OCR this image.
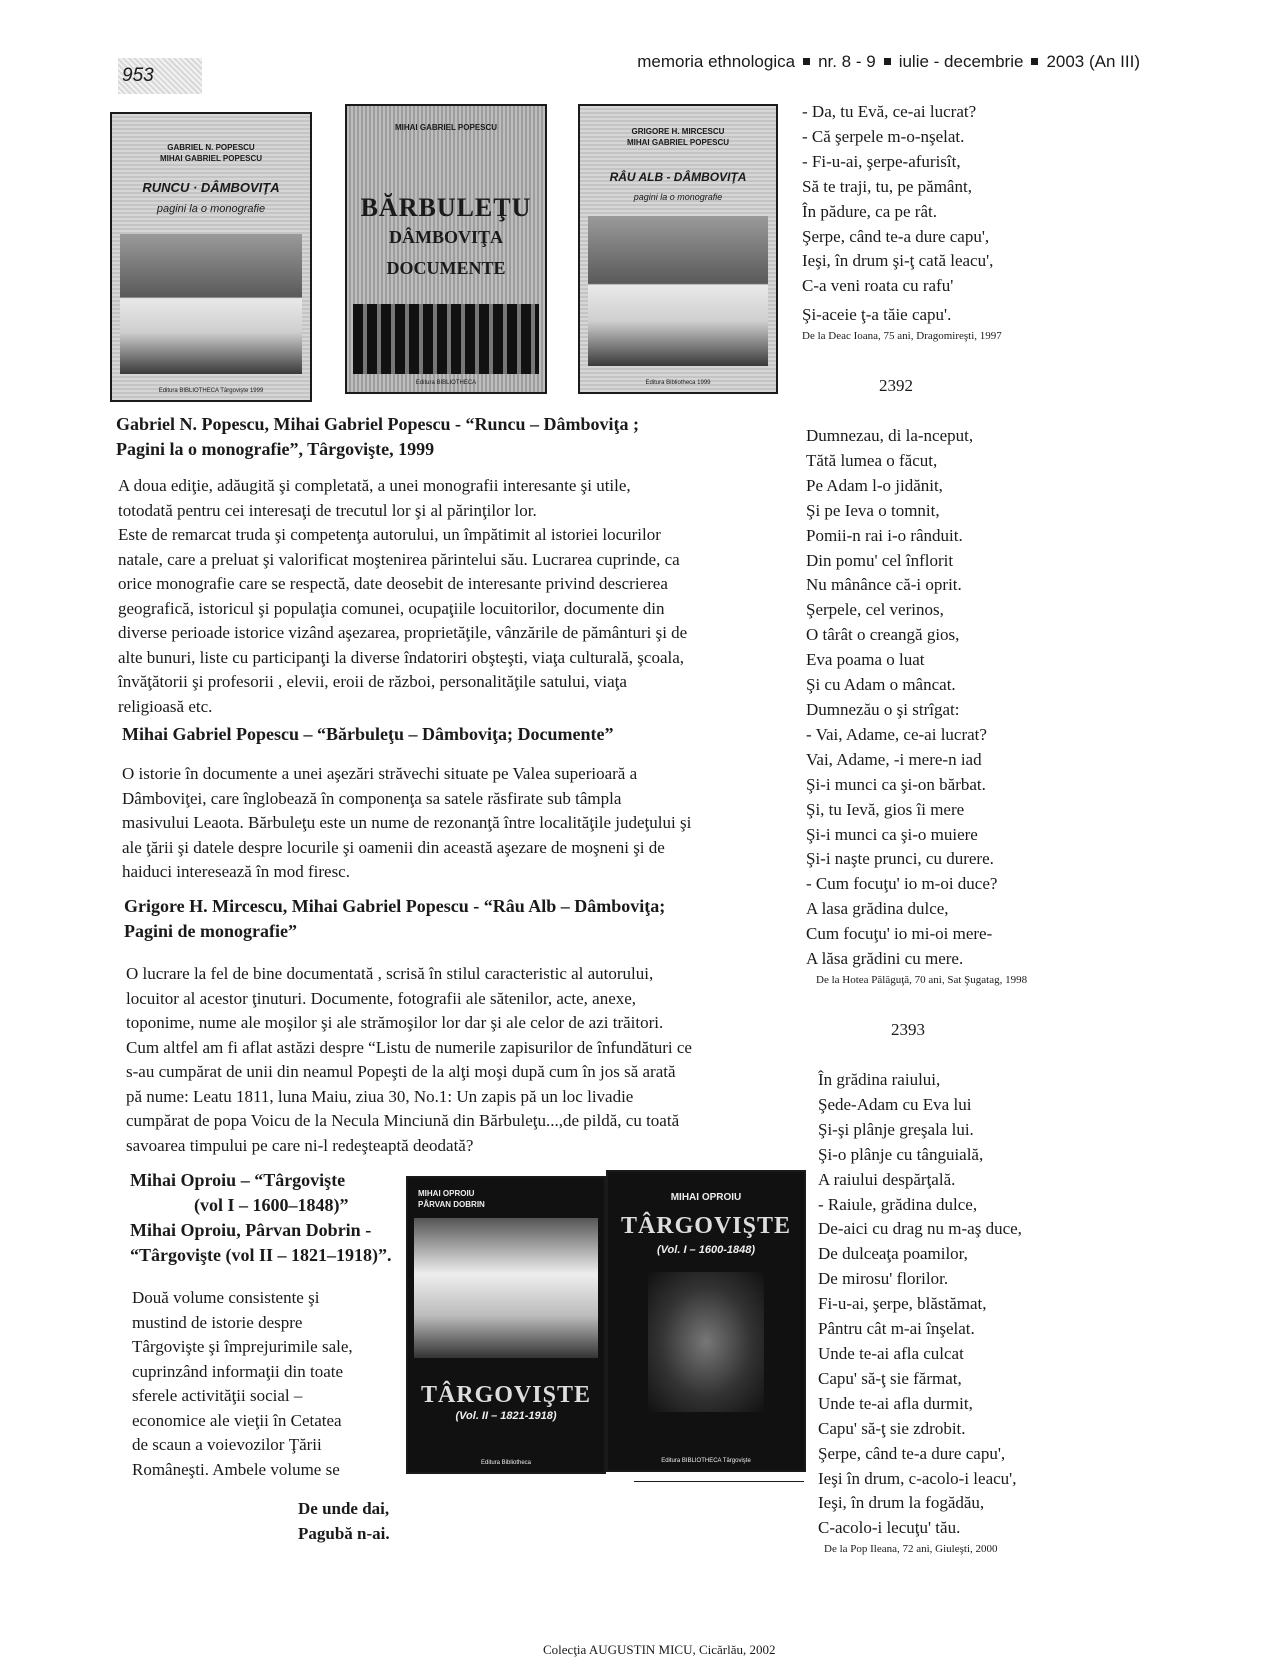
953
memoria ethnologica nr. 8 - 9 iulie - decembrie 2003 (An III)
GABRIEL N. POPESCU
MIHAI GABRIEL POPESCU
RUNCU · DÂMBOVIŢA
pagini la o monografie
Editura BIBLIOTHECA Târgovişte 1999
MIHAI GABRIEL POPESCU
BĂRBULEŢU
DÂMBOVIŢA
DOCUMENTE
Editura BIBLIOTHECA
GRIGORE H. MIRCESCU
MIHAI GABRIEL POPESCU
RÂU ALB - DÂMBOVIŢA
pagini la o monografie
Editura Bibliotheca 1999
Gabriel N. Popescu, Mihai Gabriel Popescu - “Runcu – Dâmboviţa ;
Pagini la o monografie”, Târgovişte, 1999
A doua ediţie, adăugită şi completată, a unei monografii interesante şi utile,
totodată pentru cei interesaţi de trecutul lor şi al părinţilor lor.
Este de remarcat truda şi competenţa autorului, un împătimit al istoriei locurilor
natale, care a preluat şi valorificat moştenirea părintelui său. Lucrarea cuprinde, ca
orice monografie care se respectă, date deosebit de interesante privind descrierea
geografică, istoricul şi populaţia comunei, ocupaţiile locuitorilor, documente din
diverse perioade istorice vizând aşezarea, proprietăţile, vânzările de pământuri şi de
alte bunuri, liste cu participanţi la diverse îndatoriri obşteşti, viaţa culturală, şcoala,
învăţătorii şi profesorii , elevii, eroii de război, personalităţile satului, viaţa
religioasă etc.
Mihai Gabriel Popescu – “Bărbuleţu – Dâmboviţa; Documente”
O istorie în documente a unei aşezări străvechi situate pe Valea superioară a
Dâmboviţei, care înglobează în componenţa sa satele răsfirate sub tâmpla
masivului Leaota. Bărbuleţu este un nume de rezonanţă între localităţile judeţului şi
ale ţării şi datele despre locurile şi oamenii din această aşezare de moşneni şi de
haiduci interesează în mod firesc.
Grigore H. Mircescu, Mihai Gabriel Popescu - “Râu Alb – Dâmboviţa;
Pagini de monografie”
O lucrare la fel de bine documentată , scrisă în stilul caracteristic al autorului,
locuitor al acestor ţinuturi. Documente, fotografii ale sătenilor, acte, anexe,
toponime, nume ale moşilor şi ale strămoşilor lor dar şi ale celor de azi trăitori.
Cum altfel am fi aflat astăzi despre “Listu de numerile zapisurilor de înfundături ce
s-au cumpărat de unii din neamul Popeşti de la alţi moşi după cum în jos să arată
pă nume: Leatu 1811, luna Maiu, ziua 30, No.1: Un zapis pă un loc livadie
cumpărat de popa Voicu de la Necula Minciună din Bărbuleţu...,de pildă, cu toată
savoarea timpului pe care ni-l redeşteaptă deodată?
Mihai Oproiu – “Târgovişte
(vol I – 1600–1848)”
Mihai Oproiu, Pârvan Dobrin -
“Târgovişte (vol II – 1821–1918)”.
Două volume consistente şi
mustind de istorie despre
Târgovişte şi împrejurimile sale,
cuprinzând informaţii din toate
sferele activităţii social –
economice ale vieţii în Cetatea
de scaun a voievozilor Ţării
Româneşti. Ambele volume se
MIHAI OPROIU
PÂRVAN DOBRIN
TÂRGOVIŞTE
(Vol. II – 1821-1918)
Editura Bibliotheca
MIHAI OPROIU
TÂRGOVIŞTE
(Vol. I – 1600-1848)
Editura BIBLIOTHECA Târgovişte
De unde dai,
Pagubă n-ai.
Colecţia AUGUSTIN MICU, Cicărlău, 2002
- Da, tu Evă, ce-ai lucrat?
- Că şerpele m-o-nşelat.
- Fi-u-ai, şerpe-afurisît,
Să te traji, tu, pe pământ,
În pădure, ca pe rât.
Şerpe, când te-a dure capu',
Ieşi, în drum şi-ţ cată leacu',
C-a veni roata cu rafu'
Şi-aceie ţ-a tăie capu'.
De la Deac Ioana, 75 ani, Dragomireşti, 1997
2392
Dumnezau, di la-nceput,
Tătă lumea o făcut,
Pe Adam l-o jidănit,
Şi pe Ieva o tomnit,
Pomii-n rai i-o rânduit.
Din pomu' cel înflorit
Nu mânânce că-i oprit.
Şerpele, cel verinos,
O târât o creangă gios,
Eva poama o luat
Şi cu Adam o mâncat.
Dumnezău o şi strîgat:
- Vai, Adame, ce-ai lucrat?
Vai, Adame, -i mere-n iad
Şi-i munci ca şi-on bărbat.
Şi, tu Ievă, gios îi mere
Şi-i munci ca şi-o muiere
Şi-i naşte prunci, cu durere.
- Cum focuţu' io m-oi duce?
A lasa grădina dulce,
Cum focuţu' io mi-oi mere-
A lăsa grădini cu mere.
De la Hotea Pălăguţă, 70 ani, Sat Şugatag, 1998
2393
În grădina raiului,
Şede-Adam cu Eva lui
Şi-şi plânje greşala lui.
Şi-o plânje cu tânguială,
A raiului despărţală.
- Raiule, grădina dulce,
De-aici cu drag nu m-aş duce,
De dulceaţa poamilor,
De mirosu' florilor.
Fi-u-ai, şerpe, blăstămat,
Pântru cât m-ai înşelat.
Unde te-ai afla culcat
Capu' să-ţ sie fărmat,
Unde te-ai afla durmit,
Capu' să-ţ sie zdrobit.
Şerpe, când te-a dure capu',
Ieşi în drum, c-acolo-i leacu',
Ieşi, în drum la fogădău,
C-acolo-i lecuţu' tău.
De la Pop Ileana, 72 ani, Giuleşti, 2000
